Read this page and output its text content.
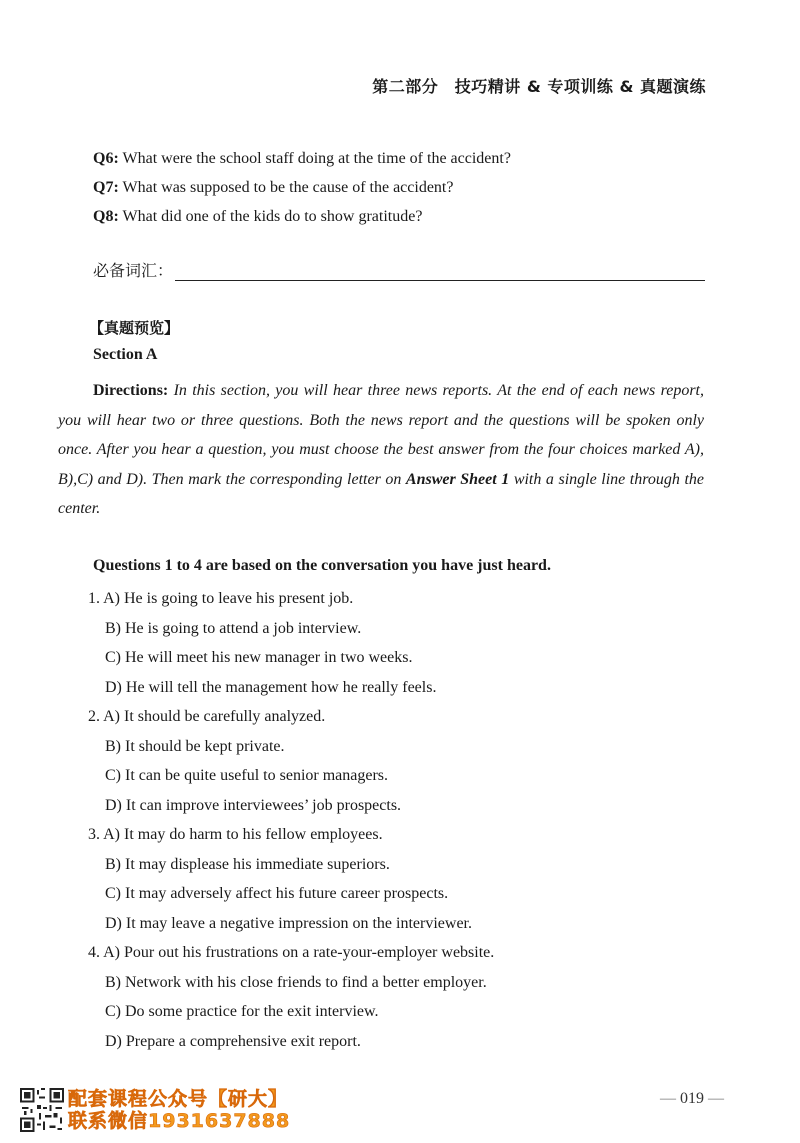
第二部分　技巧精讲 & 专项训练 & 真题演练
Q6: What were the school staff doing at the time of the accident?
Q7: What was supposed to be the cause of the accident?
Q8: What did one of the kids do to show gratitude?
必备词汇：
【真题预览】
Section A
Directions: In this section, you will hear three news reports. At the end of each news report, you will hear two or three questions. Both the news report and the questions will be spoken only once. After you hear a question, you must choose the best answer from the four choices marked A), B),C) and D). Then mark the corresponding letter on Answer Sheet 1 with a single line through the center.
Questions 1 to 4 are based on the conversation you have just heard.
1. A) He is going to leave his present job.
B) He is going to attend a job interview.
C) He will meet his new manager in two weeks.
D) He will tell the management how he really feels.
2. A) It should be carefully analyzed.
B) It should be kept private.
C) It can be quite useful to senior managers.
D) It can improve interviewees’ job prospects.
3. A) It may do harm to his fellow employees.
B) It may displease his immediate superiors.
C) It may adversely affect his future career prospects.
D) It may leave a negative impression on the interviewer.
4. A) Pour out his frustrations on a rate-your-employer website.
B) Network with his close friends to find a better employer.
C) Do some practice for the exit interview.
D) Prepare a comprehensive exit report.
配套课程公众号【研大】
联系微信1931637888
— 019 —
